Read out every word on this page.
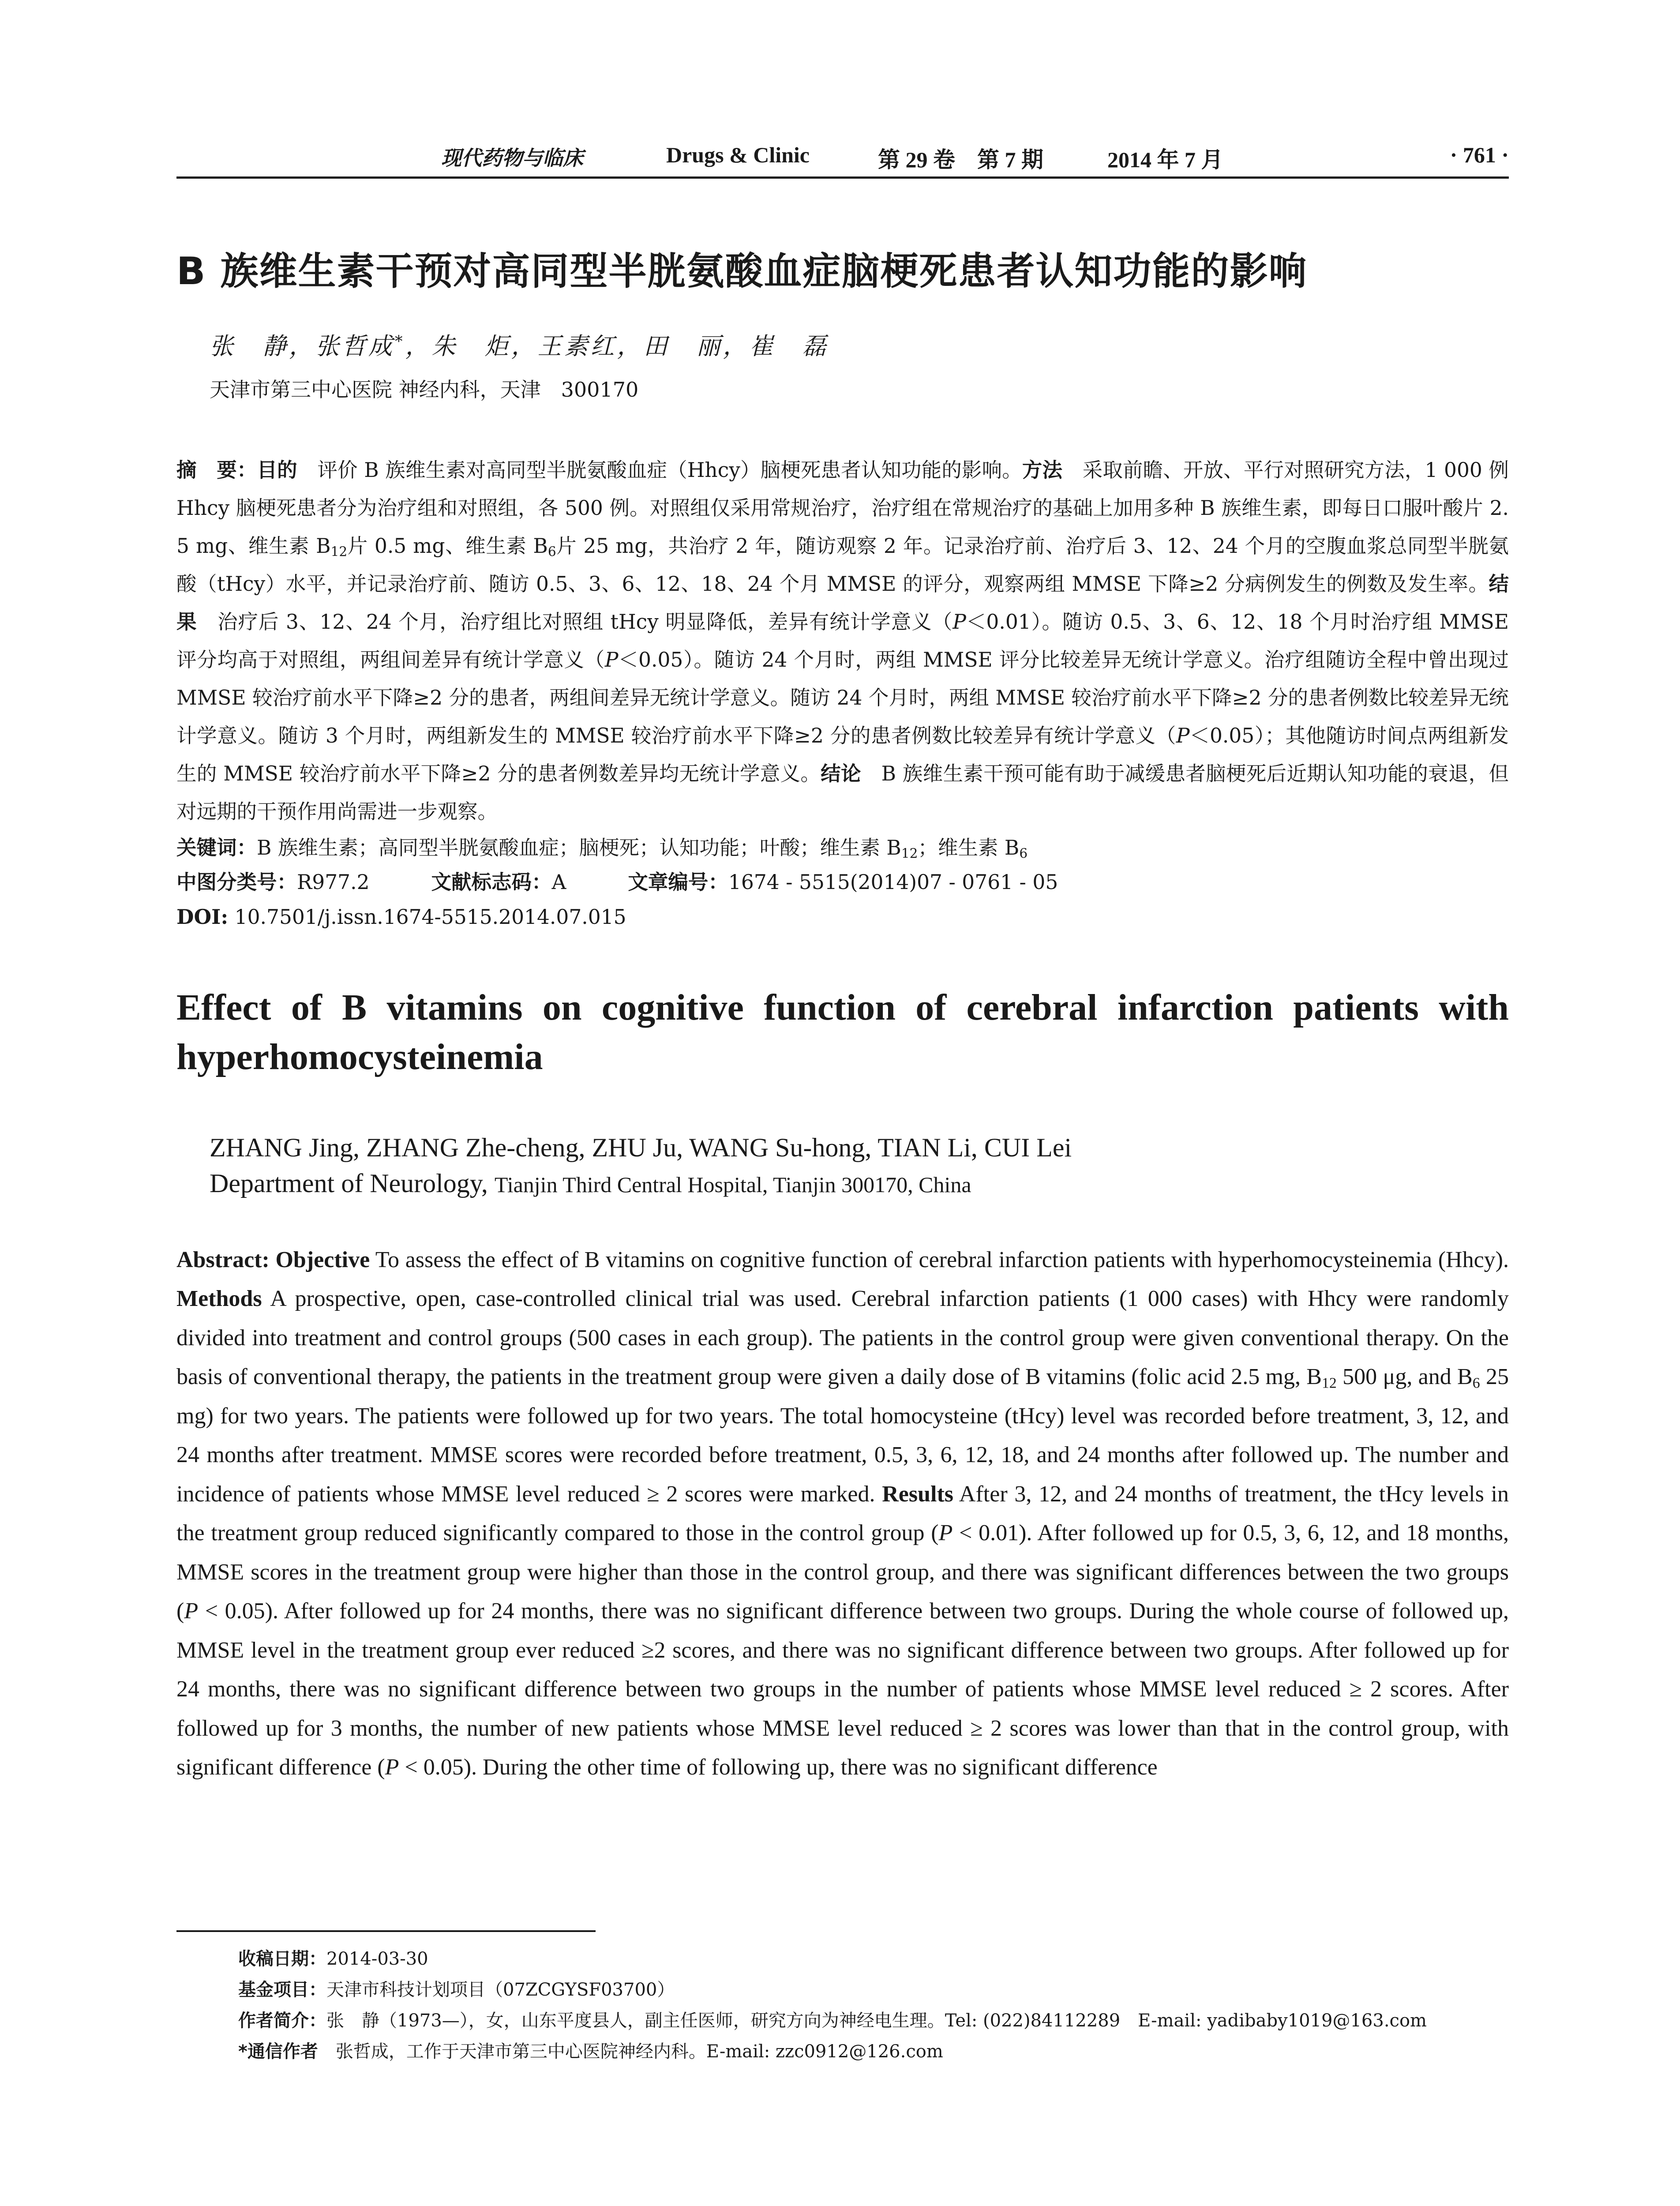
现代药物与临床	Drugs & Clinic	第 29 卷　第 7 期	2014 年 7 月	· 761 ·
B 族维生素干预对高同型半胱氨酸血症脑梗死患者认知功能的影响
张　静，张哲成*，朱　炬，王素红，田　丽，崔　磊
天津市第三中心医院 神经内科，天津　300170
摘　要：目的　评价 B 族维生素对高同型半胱氨酸血症（Hhcy）脑梗死患者认知功能的影响。方法　采取前瞻、开放、平行对照研究方法，1 000 例 Hhcy 脑梗死患者分为治疗组和对照组，各 500 例。对照组仅采用常规治疗，治疗组在常规治疗的基础上加用多种 B 族维生素，即每日口服叶酸片 2.5 mg、维生素 $B_{12}$片 0.5 mg、维生素 $B_6$片 25 mg，共治疗 2 年，随访观察 2 年。记录治疗前、治疗后 3、12、24 个月的空腹血浆总同型半胱氨酸（tHcy）水平，并记录治疗前、随访 0.5、3、6、12、18、24 个月 MMSE 的评分，观察两组 MMSE 下降≥2 分病例发生的例数及发生率。结果　治疗后 3、12、24 个月，治疗组比对照组 tHcy 明显降低，差异有统计学意义（P＜0.01）。随访 0.5、3、6、12、18 个月时治疗组 MMSE 评分均高于对照组，两组间差异有统计学意义（P＜0.05）。随访 24 个月时，两组 MMSE 评分比较差异无统计学意义。治疗组随访全程中曾出现过 MMSE 较治疗前水平下降≥2 分的患者，两组间差异无统计学意义。随访 24 个月时，两组 MMSE 较治疗前水平下降≥2 分的患者例数比较差异无统计学意义。随访 3 个月时，两组新发生的 MMSE 较治疗前水平下降≥2 分的患者例数比较差异有统计学意义（P＜0.05）；其他随访时间点两组新发生的 MMSE 较治疗前水平下降≥2 分的患者例数差异均无统计学意义。结论　B 族维生素干预可能有助于减缓患者脑梗死后近期认知功能的衰退，但对远期的干预作用尚需进一步观察。
关键词：B 族维生素；高同型半胱氨酸血症；脑梗死；认知功能；叶酸；维生素 $B_{12}$；维生素 $B_6$
中图分类号：R977.2	文献标志码：A	文章编号：1674 - 5515(2014)07 - 0761 - 05
DOI: 10.7501/j.issn.1674-5515.2014.07.015
Effect of B vitamins on cognitive function of cerebral infarction patients with hyperhomocysteinemia
ZHANG Jing, ZHANG Zhe-cheng, ZHU Ju, WANG Su-hong, TIAN Li, CUI Lei
Department of Neurology, Tianjin Third Central Hospital, Tianjin 300170, China
Abstract: Objective To assess the effect of B vitamins on cognitive function of cerebral infarction patients with hyperhomocysteinemia (Hhcy). Methods A prospective, open, case-controlled clinical trial was used. Cerebral infarction patients (1 000 cases) with Hhcy were randomly divided into treatment and control groups (500 cases in each group). The patients in the control group were given conventional therapy. On the basis of conventional therapy, the patients in the treatment group were given a daily dose of B vitamins (folic acid 2.5 mg, $B_{12}$ 500 μg, and $B_6$ 25 mg) for two years. The patients were followed up for two years. The total homocysteine (tHcy) level was recorded before treatment, 3, 12, and 24 months after treatment. MMSE scores were recorded before treatment, 0.5, 3, 6, 12, 18, and 24 months after followed up. The number and incidence of patients whose MMSE level reduced ≥ 2 scores were marked. Results After 3, 12, and 24 months of treatment, the tHcy levels in the treatment group reduced significantly compared to those in the control group (P < 0.01). After followed up for 0.5, 3, 6, 12, and 18 months, MMSE scores in the treatment group were higher than those in the control group, and there was significant differences between the two groups (P < 0.05). After followed up for 24 months, there was no significant difference between two groups. During the whole course of followed up, MMSE level in the treatment group ever reduced ≥2 scores, and there was no significant difference between two groups. After followed up for 24 months, there was no significant difference between two groups in the number of patients whose MMSE level reduced ≥ 2 scores. After followed up for 3 months, the number of new patients whose MMSE level reduced ≥ 2 scores was lower than that in the control group, with significant difference (P < 0.05). During the other time of following up, there was no significant difference
收稿日期：2014-03-30
基金项目：天津市科技计划项目（07ZCGYSF03700）
作者简介：张　静（1973—），女，山东平度县人，副主任医师，研究方向为神经电生理。Tel: (022)84112289　E-mail: yadibaby1019@163.com
*通信作者　张哲成，工作于天津市第三中心医院神经内科。E-mail: zzc0912@126.com
